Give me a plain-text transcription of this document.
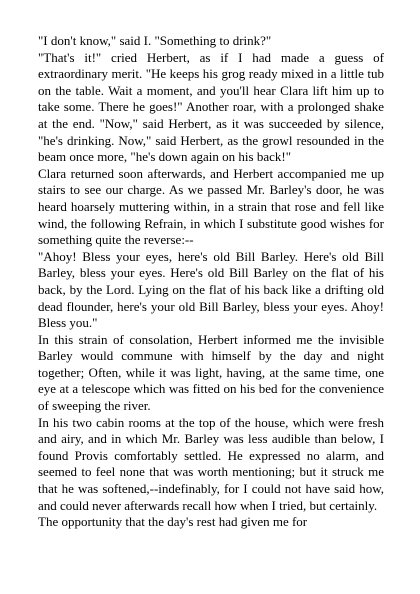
"I don't know," said I. "Something to drink?"

"That's it!" cried Herbert, as if I had made a guess of extraordinary merit. "He keeps his grog ready mixed in a little tub on the table. Wait a moment, and you'll hear Clara lift him up to take some. There he goes!" Another roar, with a prolonged shake at the end. "Now," said Herbert, as it was succeeded by silence, "he's drinking. Now," said Herbert, as the growl resounded in the beam once more, "he's down again on his back!"

Clara returned soon afterwards, and Herbert accompanied me up stairs to see our charge. As we passed Mr. Barley's door, he was heard hoarsely muttering within, in a strain that rose and fell like wind, the following Refrain, in which I substitute good wishes for something quite the reverse:--

"Ahoy! Bless your eyes, here's old Bill Barley. Here's old Bill Barley, bless your eyes. Here's old Bill Barley on the flat of his back, by the Lord. Lying on the flat of his back like a drifting old dead flounder, here's your old Bill Barley, bless your eyes. Ahoy! Bless you."

In this strain of consolation, Herbert informed me the invisible Barley would commune with himself by the day and night together; Often, while it was light, having, at the same time, one eye at a telescope which was fitted on his bed for the convenience of sweeping the river.

In his two cabin rooms at the top of the house, which were fresh and airy, and in which Mr. Barley was less audible than below, I found Provis comfortably settled. He expressed no alarm, and seemed to feel none that was worth mentioning; but it struck me that he was softened,--indefinably, for I could not have said how, and could never afterwards recall how when I tried, but certainly.

The opportunity that the day's rest had given me for
